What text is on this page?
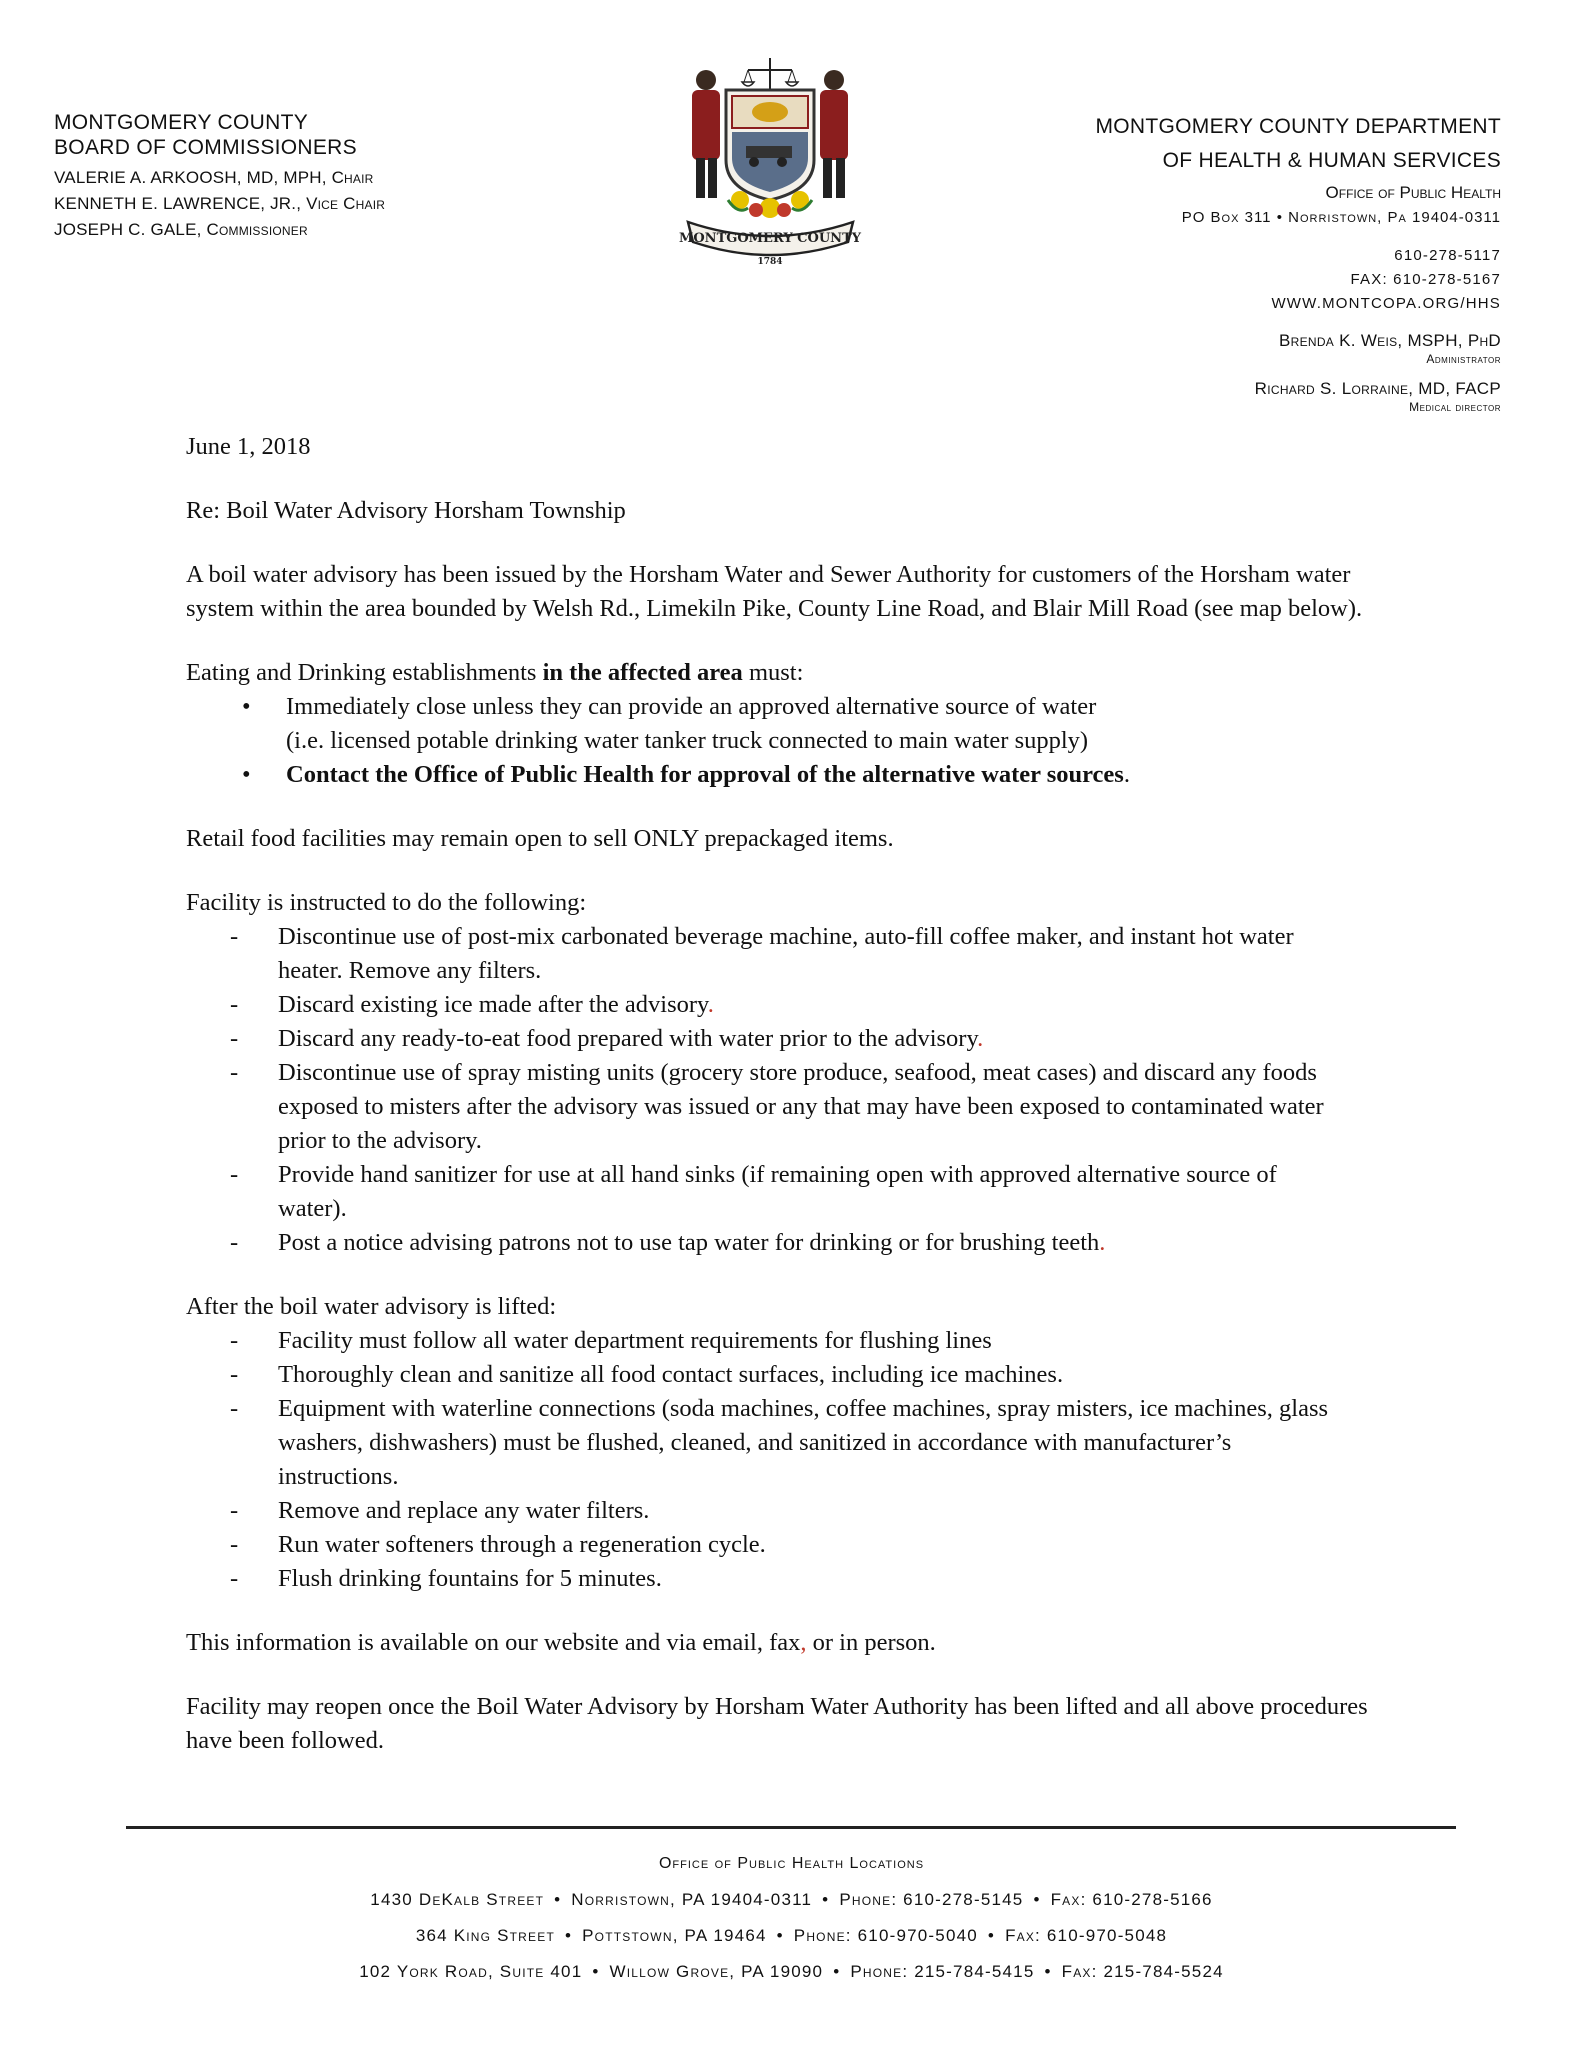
MONTGOMERY COUNTY
BOARD OF COMMISSIONERS
VALERIE A. ARKOOSH, MD, MPH, Chair
KENNETH E. LAWRENCE, JR., Vice Chair
JOSEPH C. GALE, Commissioner	MONTGOMERY COUNTY
1784
MONTGOMERY COUNTY DEPARTMENT
OF HEALTH & HUMAN SERVICES
Office of Public Health
PO Box 311 • Norristown, Pa 19404-0311
610-278-5117
FAX: 610-278-5167
WWW.MONTCOPA.ORG/HHS
Brenda K. Weis, MSPH, PhD
Administrator
Richard S. Lorraine, MD, FACP
Medical director

June 1, 2018

Re: Boil Water Advisory Horsham Township

A boil water advisory has been issued by the Horsham Water and Sewer Authority for customers of the Horsham water system within the area bounded by Welsh Rd., Limekiln Pike, County Line Road, and Blair Mill Road (see map below).

Eating and Drinking establishments in the affected area must:

• Immediately close unless they can provide an approved alternative source of water
(i.e. licensed potable drinking water tanker truck connected to main water supply)
• Contact the Office of Public Health for approval of the alternative water sources.

Retail food facilities may remain open to sell ONLY prepackaged items.

Facility is instructed to do the following:

- Discontinue use of post-mix carbonated beverage machine, auto-fill coffee maker, and instant hot water heater. Remove any filters.
- Discard existing ice made after the advisory.
- Discard any ready-to-eat food prepared with water prior to the advisory.
- Discontinue use of spray misting units (grocery store produce, seafood, meat cases) and discard any foods exposed to misters after the advisory was issued or any that may have been exposed to contaminated water prior to the advisory.
- Provide hand sanitizer for use at all hand sinks (if remaining open with approved alternative source of water).
- Post a notice advising patrons not to use tap water for drinking or for brushing teeth.

After the boil water advisory is lifted:

- Facility must follow all water department requirements for flushing lines
- Thoroughly clean and sanitize all food contact surfaces, including ice machines.
- Equipment with waterline connections (soda machines, coffee machines, spray misters, ice machines, glass washers, dishwashers) must be flushed, cleaned, and sanitized in accordance with manufacturer’s instructions.
- Remove and replace any water filters.
- Run water softeners through a regeneration cycle.
- Flush drinking fountains for 5 minutes.

This information is available on our website and via email, fax, or in person.

Facility may reopen once the Boil Water Advisory by Horsham Water Authority has been lifted and all above procedures have been followed.

Office of Public Health Locations
1430 DeKalb Street • Norristown, PA 19404-0311 • Phone: 610-278-5145 • Fax: 610-278-5166
364 King Street • Pottstown, PA 19464 • Phone: 610-970-5040 • Fax: 610-970-5048
102 York Road, Suite 401 • Willow Grove, PA 19090 • Phone: 215-784-5415 • Fax: 215-784-5524
